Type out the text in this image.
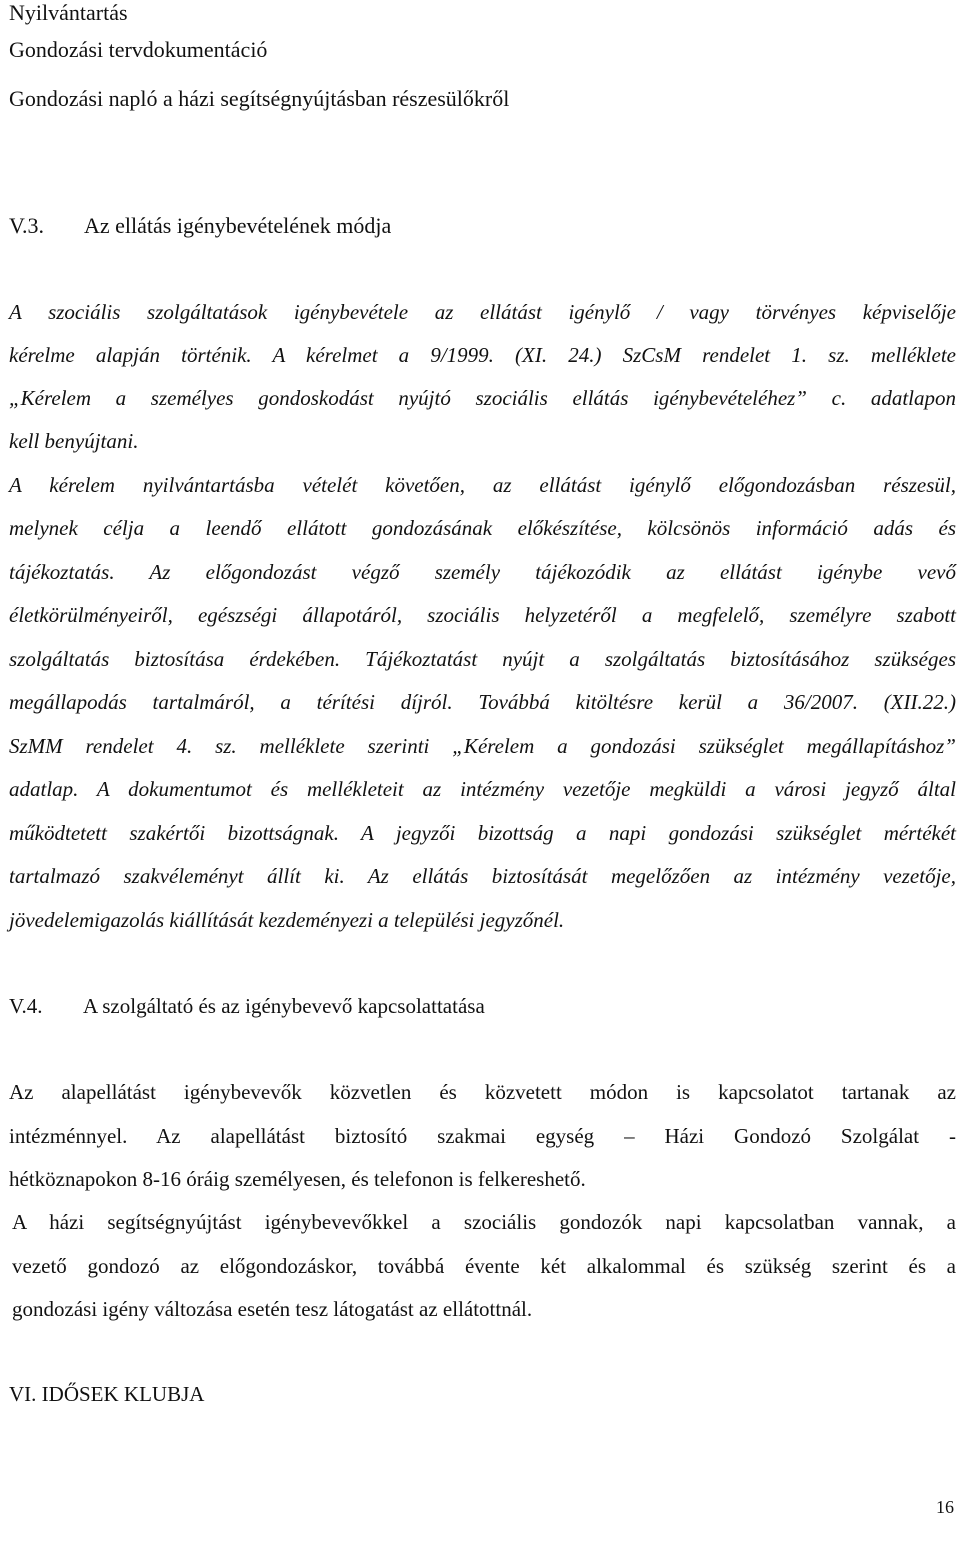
Nyilvántartás
Gondozási tervdokumentáció
Gondozási napló a házi segítségnyújtásban részesülőkről
V.3. Az ellátás igénybevételének módja
A szociális szolgáltatások igénybevétele az ellátást igénylő / vagy törvényes képviselője
kérelme alapján történik. A kérelmet a 9/1999. (XI. 24.) SzCsM rendelet 1. sz. melléklete
„Kérelem a személyes gondoskodást nyújtó szociális ellátás igénybevételéhez” c. adatlapon
kell benyújtani.
A kérelem nyilvántartásba vételét követően, az ellátást igénylő előgondozásban részesül,
melynek célja a leendő ellátott gondozásának előkészítése, kölcsönös információ adás és
tájékoztatás. Az előgondozást végző személy tájékozódik az ellátást igénybe vevő
életkörülményeiről, egészségi állapotáról, szociális helyzetéről a megfelelő, személyre szabott
szolgáltatás biztosítása érdekében. Tájékoztatást nyújt a szolgáltatás biztosításához szükséges
megállapodás tartalmáról, a térítési díjról. Továbbá kitöltésre kerül a 36/2007. (XII.22.)
SzMM rendelet 4. sz. melléklete szerinti „Kérelem a gondozási szükséglet megállapításhoz”
adatlap. A dokumentumot és mellékleteit az intézmény vezetője megküldi a városi jegyző által
működtetett szakértői bizottságnak. A jegyzői bizottság a napi gondozási szükséglet mértékét
tartalmazó szakvéleményt állít ki. Az ellátás biztosítását megelőzően az intézmény vezetője,
jövedelemigazolás kiállítását kezdeményezi a települési jegyzőnél.
V.4. A szolgáltató és az igénybevevő kapcsolattatása
Az alapellátást igénybevevők közvetlen és közvetett módon is kapcsolatot tartanak az
intézménnyel. Az alapellátást biztosító szakmai egység – Házi Gondozó Szolgálat -
hétköznapokon 8-16 óráig személyesen, és telefonon is felkereshető.
A házi segítségnyújtást igénybevevőkkel a szociális gondozók napi kapcsolatban vannak, a
vezető gondozó az előgondozáskor, továbbá évente két alkalommal és szükség szerint és a
gondozási igény változása esetén tesz látogatást az ellátottnál.
VI. IDŐSEK KLUBJA
16
